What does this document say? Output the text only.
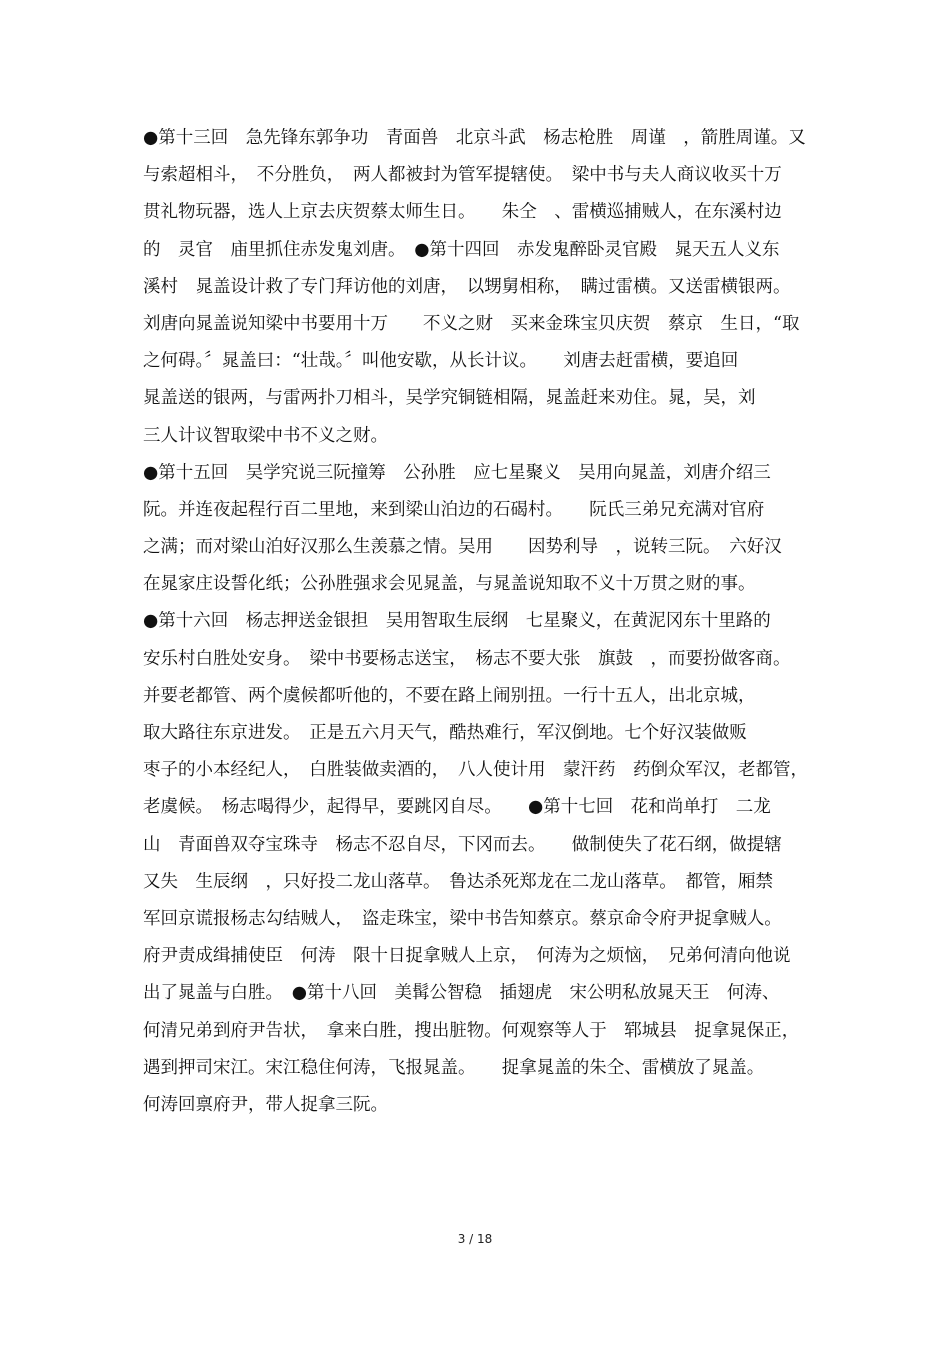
●第十三回　急先锋东郭争功　青面兽　北京斗武　杨志枪胜　周谨　，箭胜周谨。又
与索超相斗，　不分胜负，　两人都被封为管军提辖使。　梁中书与夫人商议收买十万
贯礼物玩器，选人上京去庆贺蔡太师生日。　　朱仝　、雷横巡捕贼人，在东溪村边
的　灵官　庙里抓住赤发鬼刘唐。　●第十四回　赤发鬼醉卧灵官殿　晁天五人义东
溪村　晁盖设计救了专门拜访他的刘唐，　以甥舅相称，　瞒过雷横。又送雷横银两。
刘唐向晁盖说知梁中书要用十万　　不义之财　买来金珠宝贝庆贺　蔡京　生日，“取
之何碍。〞晁盖曰：“壮哉。〞叫他安歇，从长计议。　　刘唐去赶雷横，要追回
晁盖送的银两，与雷两扑刀相斗，吴学究铜链相隔，晁盖赶来劝住。晁，吴，刘
三人计议智取梁中书不义之财。
●第十五回　吴学究说三阮撞筹　公孙胜　应七星聚义　吴用向晁盖，刘唐介绍三
阮。并连夜起程行百二里地，来到梁山泊边的石碣村。　　阮氏三弟兄充满对官府
之满；而对梁山泊好汉那么生羡慕之情。吴用　　因势利导　，说转三阮。　六好汉
在晁家庄设誓化纸；公孙胜强求会见晁盖，与晁盖说知取不义十万贯之财的事。
●第十六回　杨志押送金银担　吴用智取生辰纲　七星聚义，在黄泥冈东十里路的
安乐村白胜处安身。　梁中书要杨志送宝，　杨志不要大张　旗鼓　，而要扮做客商。
并要老都管、两个虞候都听他的，不要在路上闹别扭。一行十五人，出北京城，
取大路往东京进发。　正是五六月天气，酷热难行，军汉倒地。七个好汉装做贩
枣子的小本经纪人，　白胜装做卖酒的，　八人使计用　蒙汗药　药倒众军汉，老都管，
老虞候。　杨志喝得少，起得早，要跳冈自尽。　　●第十七回　花和尚单打　二龙
山　青面兽双夺宝珠寺　杨志不忍自尽，下冈而去。　　做制使失了花石纲，做提辖
又失　生辰纲　，只好投二龙山落草。　鲁达杀死郑龙在二龙山落草。　都管，厢禁
军回京谎报杨志勾结贼人，　盗走珠宝，梁中书告知蔡京。蔡京命令府尹捉拿贼人。
府尹责成缉捕使臣　何涛　限十日捉拿贼人上京，　何涛为之烦恼，　兄弟何清向他说
出了晁盖与白胜。　●第十八回　美髯公智稳　插翅虎　宋公明私放晁天王　何涛、
何清兄弟到府尹告状，　拿来白胜，搜出脏物。何观察等人于　郓城县　捉拿晁保正，
遇到押司宋江。宋江稳住何涛，飞报晁盖。　　捉拿晁盖的朱仝、雷横放了晁盖。
何涛回禀府尹，带人捉拿三阮。
3 / 18
